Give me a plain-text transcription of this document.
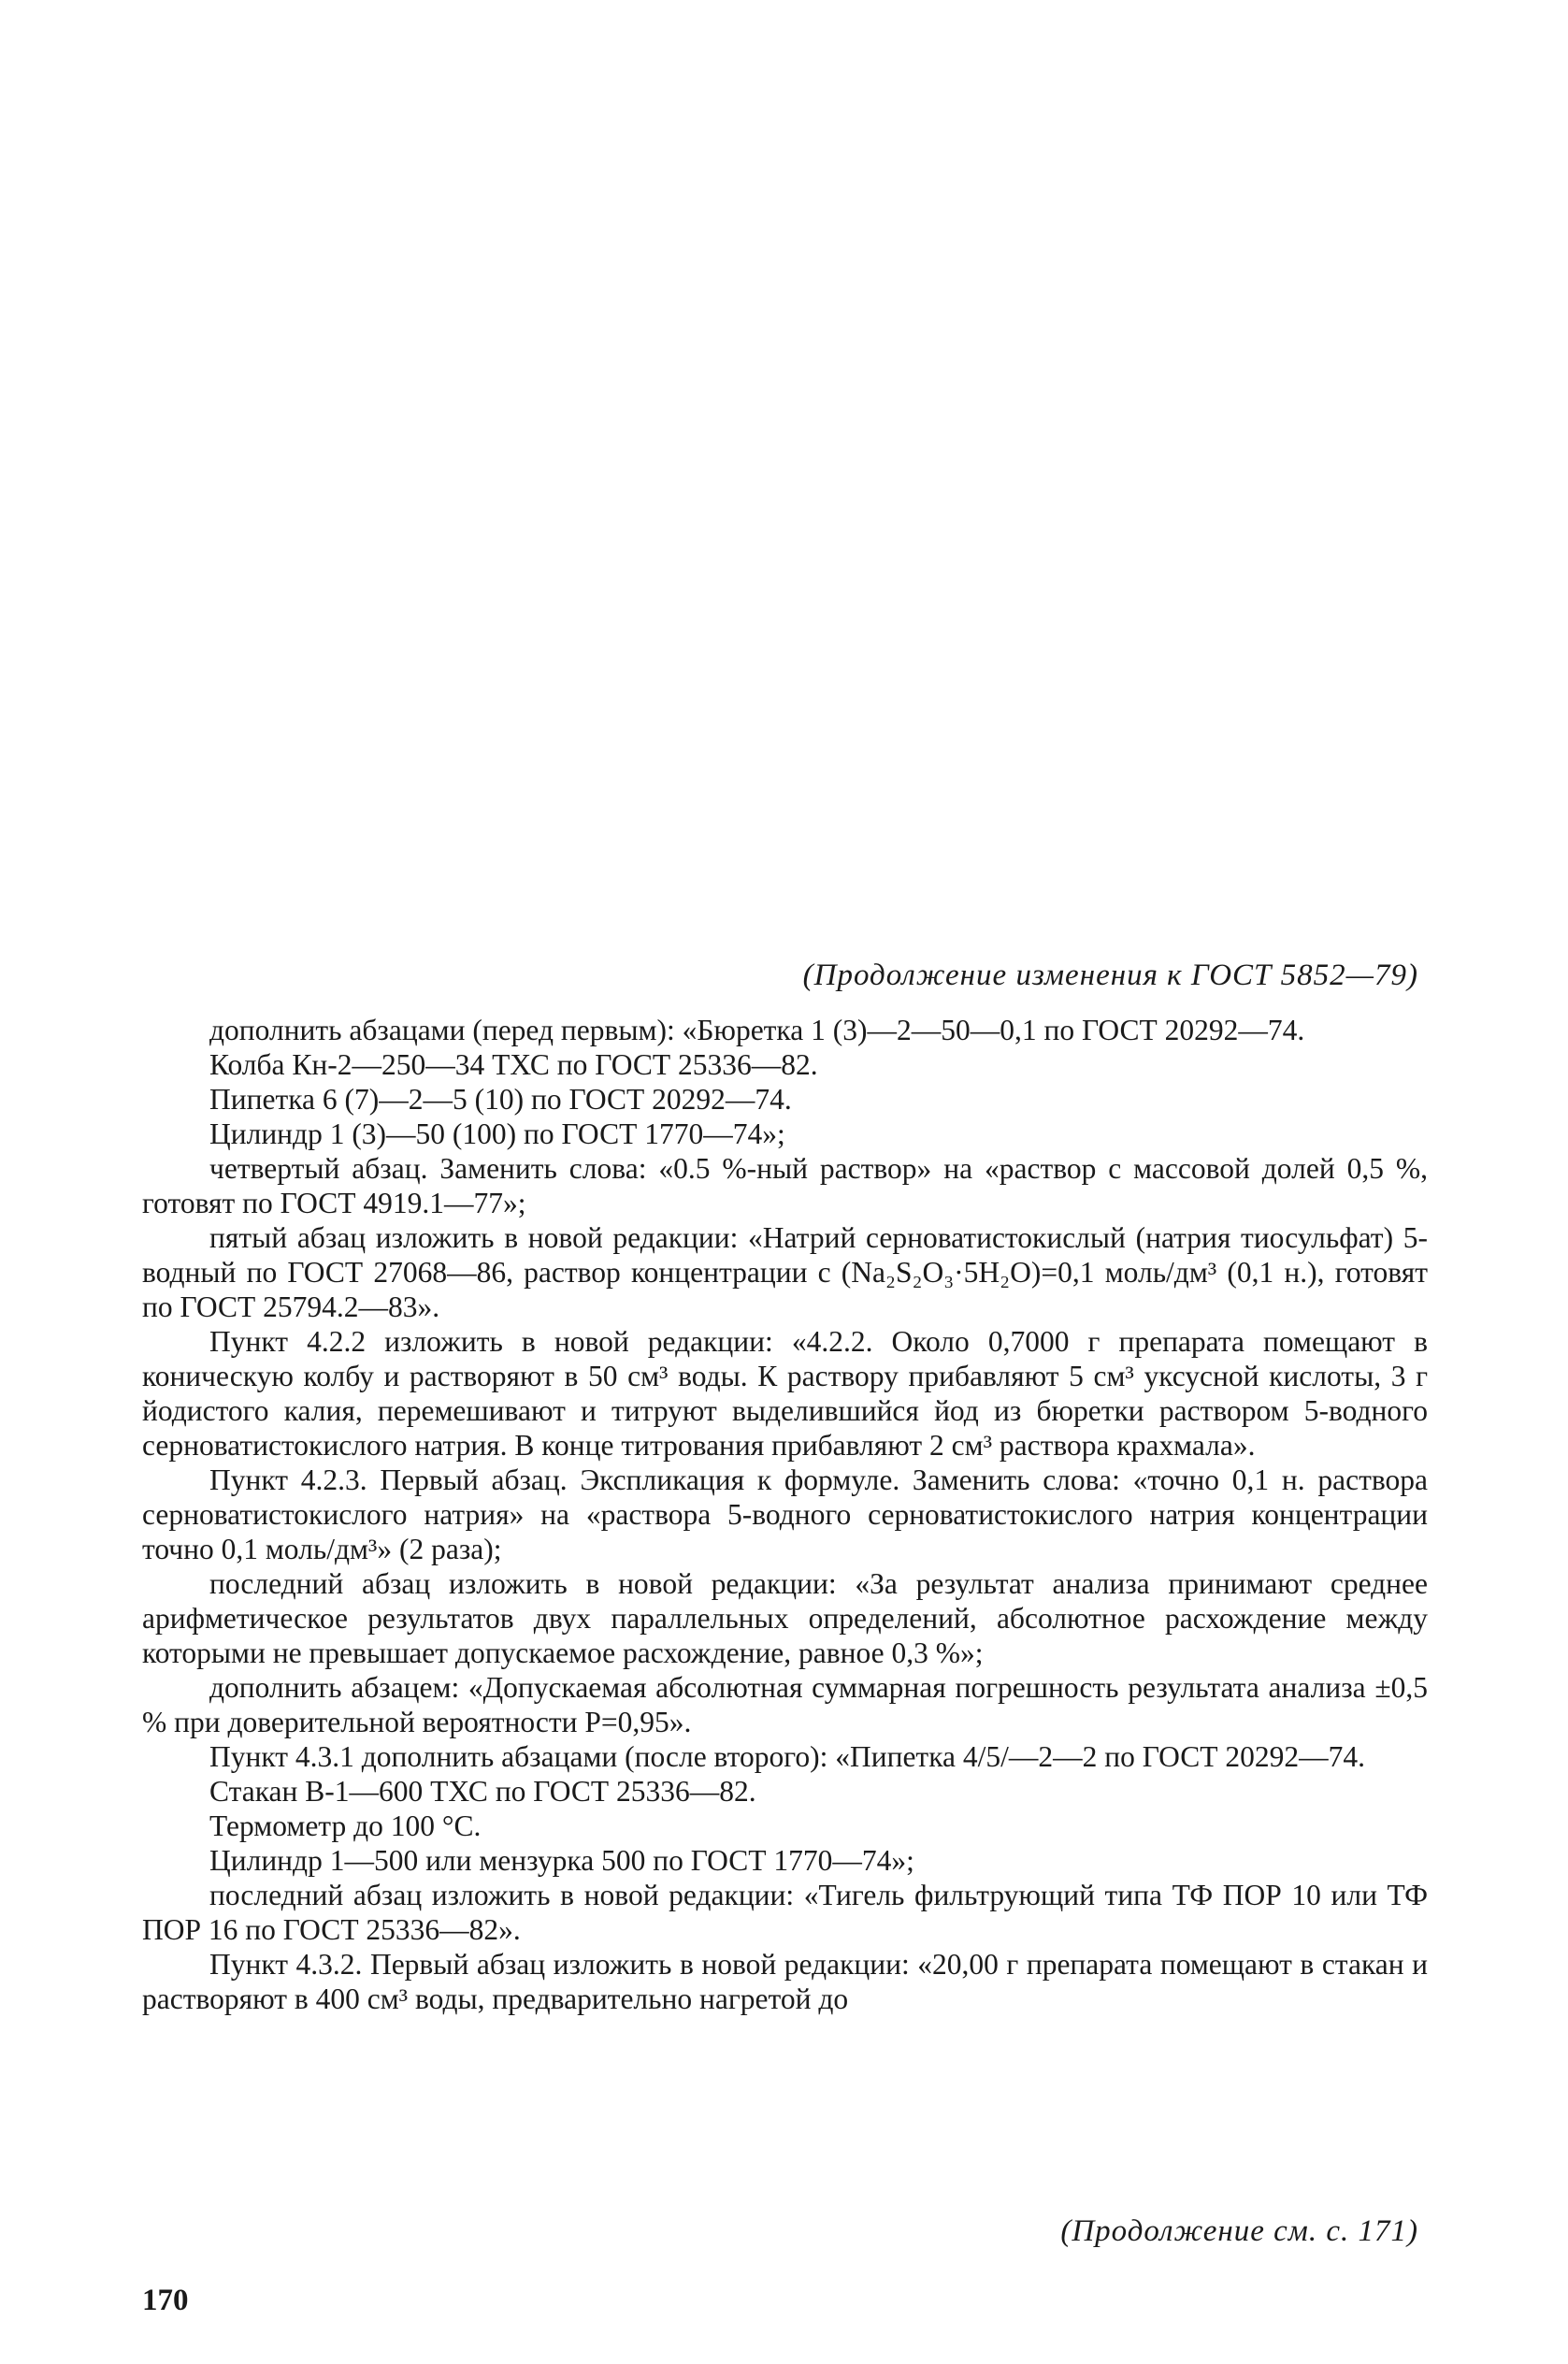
(Продолжение изменения к ГОСТ 5852—79)

дополнить абзацами (перед первым): «Бюретка 1 (3)—2—50—0,1 по ГОСТ 20292—74.

Колба Кн-2—250—34 ТХС по ГОСТ 25336—82.

Пипетка 6 (7)—2—5 (10) по ГОСТ 20292—74.

Цилиндр 1 (3)—50 (100) по ГОСТ 1770—74»;

четвертый абзац. Заменить слова: «0.5 %-ный раствор» на «раствор с массовой долей 0,5 %, готовят по ГОСТ 4919.1—77»;

пятый абзац изложить в новой редакции: «Натрий серноватистокислый (натрия тиосульфат) 5-водный по ГОСТ 27068—86, раствор концентрации c (Na₂S₂O₃·5H₂O)=0,1 моль/дм³ (0,1 н.), готовят по ГОСТ 25794.2—83».

Пункт 4.2.2 изложить в новой редакции: «4.2.2. Около 0,7000 г препарата помещают в коническую колбу и растворяют в 50 см³ воды. К раствору прибавляют 5 см³ уксусной кислоты, 3 г йодистого калия, перемешивают и титруют выделившийся йод из бюретки раствором 5-водного серноватистокислого натрия. В конце титрования прибавляют 2 см³ раствора крахмала».

Пункт 4.2.3. Первый абзац. Экспликация к формуле. Заменить слова: «точно 0,1 н. раствора серноватистокислого натрия» на «раствора 5-водного серноватистокислого натрия концентрации точно 0,1 моль/дм³» (2 раза);

последний абзац изложить в новой редакции: «За результат анализа принимают среднее арифметическое результатов двух параллельных определений, абсолютное расхождение между которыми не превышает допускаемое расхождение, равное 0,3 %»;

дополнить абзацем: «Допускаемая абсолютная суммарная погрешность результата анализа ±0,5 % при доверительной вероятности P=0,95».

Пункт 4.3.1 дополнить абзацами (после второго): «Пипетка 4/5/—2—2 по ГОСТ 20292—74.

Стакан В-1—600 ТХС по ГОСТ 25336—82.

Термометр до 100 °С.

Цилиндр 1—500 или мензурка 500 по ГОСТ 1770—74»;

последний абзац изложить в новой редакции: «Тигель фильтрующий типа ТФ ПОР 10 или ТФ ПОР 16 по ГОСТ 25336—82».

Пункт 4.3.2. Первый абзац изложить в новой редакции: «20,00 г препарата помещают в стакан и растворяют в 400 см³ воды, предварительно нагретой до

(Продолжение см. с. 171)
170
